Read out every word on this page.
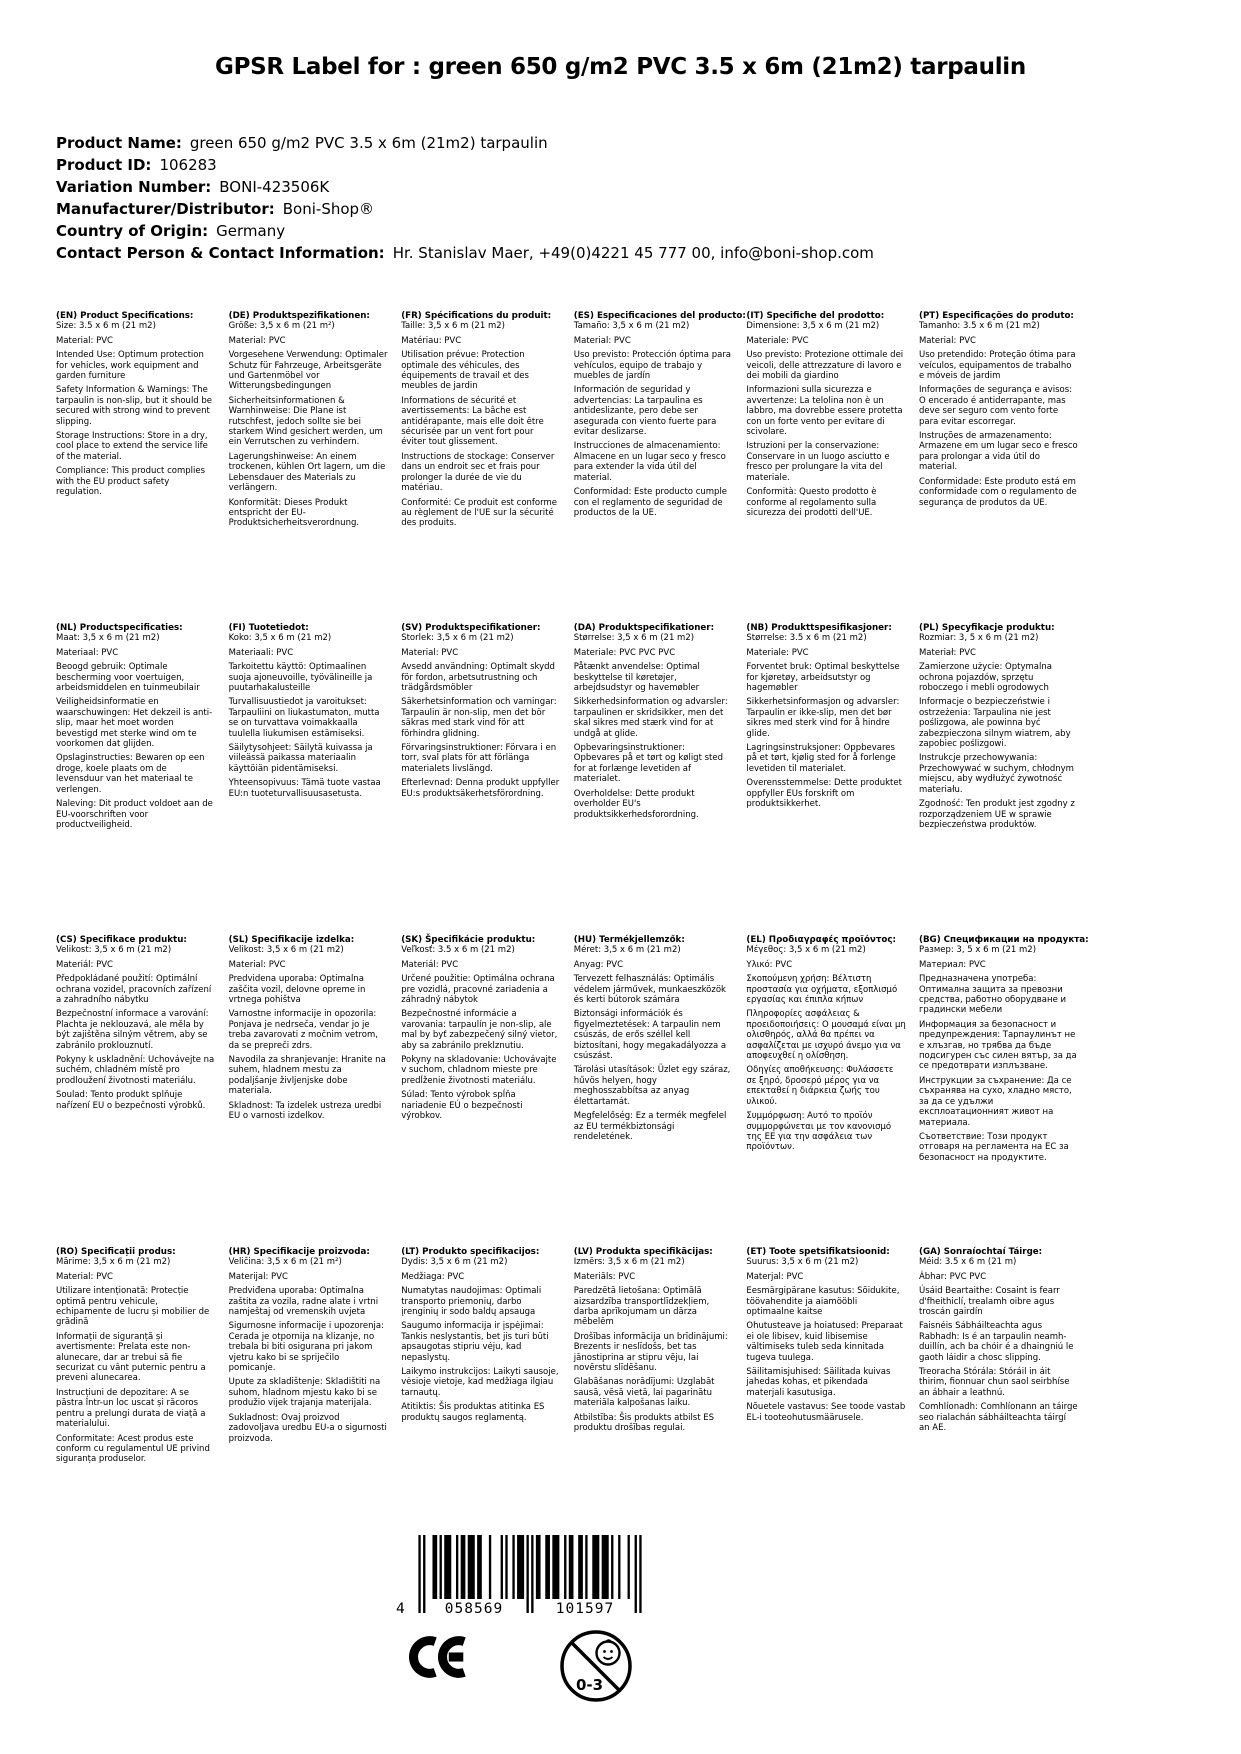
GPSR Label for : green 650 g/m2 PVC 3.5 x 6m (21m2) tarpaulin
Product Name: green 650 g/m2 PVC 3.5 x 6m (21m2) tarpaulin
Product ID: 106283
Variation Number: BONI-423506K
Manufacturer/Distributor: Boni-Shop®
Country of Origin: Germany
Contact Person & Contact Information: Hr. Stanislav Maer, +49(0)4221 45 777 00, info@boni-shop.com
(EN) Product Specifications:

Size: 3.5 x 6 m (21 m2)

Material: PVC

Intended Use: Optimum protection for vehicles, work equipment and garden furniture

Safety Information & Warnings: The tarpaulin is non-slip, but it should be secured with strong wind to prevent slipping.

Storage Instructions: Store in a dry, cool place to extend the service life of the material.

Compliance: This product complies with the EU product safety regulation.

(DE) Produktspezifikationen:

Größe: 3,5 x 6 m (21 m²)

Material: PVC

Vorgesehene Verwendung: Optimaler Schutz für Fahrzeuge, Arbeitsgeräte und Gartenmöbel vor Witterungsbedingungen

Sicherheitsinformationen & Warnhinweise: Die Plane ist rutschfest, jedoch sollte sie bei starkem Wind gesichert werden, um ein Verrutschen zu verhindern.

Lagerungshinweise: An einem trockenen, kühlen Ort lagern, um die Lebensdauer des Materials zu verlängern.

Konformität: Dieses Produkt entspricht der EU-Produktsicherheitsverordnung.

(FR) Spécifications du produit:

Taille: 3,5 x 6 m (21 m2)

Matériau: PVC

Utilisation prévue: Protection optimale des véhicules, des équipements de travail et des meubles de jardin

Informations de sécurité et avertissements: La bâche est antidérapante, mais elle doit être sécurisée par un vent fort pour éviter tout glissement.

Instructions de stockage: Conserver dans un endroit sec et frais pour prolonger la durée de vie du matériau.

Conformité: Ce produit est conforme au règlement de l'UE sur la sécurité des produits.

(ES) Especificaciones del producto:

Tamaño: 3,5 x 6 m (21 m2)

Material: PVC

Uso previsto: Protección óptima para vehículos, equipo de trabajo y muebles de jardín

Información de seguridad y advertencias: La tarpaulina es antideslizante, pero debe ser asegurada con viento fuerte para evitar deslizarse.

Instrucciones de almacenamiento: Almacene en un lugar seco y fresco para extender la vida útil del material.

Conformidad: Este producto cumple con el reglamento de seguridad de productos de la UE.

(IT) Specifiche del prodotto:

Dimensione: 3,5 x 6 m (21 m2)

Materiale: PVC

Uso previsto: Protezione ottimale dei veicoli, delle attrezzature di lavoro e dei mobili da giardino

Informazioni sulla sicurezza e avvertenze: La telolina non è un labbro, ma dovrebbe essere protetta con un forte vento per evitare di scivolare.

Istruzioni per la conservazione: Conservare in un luogo asciutto e fresco per prolungare la vita del materiale.

Conformità: Questo prodotto è conforme al regolamento sulla sicurezza dei prodotti dell'UE.

(PT) Especificações do produto:

Tamanho: 3.5 x 6 m (21 m2)

Material: PVC

Uso pretendido: Proteção ótima para veículos, equipamentos de trabalho e móveis de jardim

Informações de segurança e avisos: O encerado é antiderrapante, mas deve ser seguro com vento forte para evitar escorregar.

Instruções de armazenamento: Armazene em um lugar seco e fresco para prolongar a vida útil do material.

Conformidade: Este produto está em conformidade com o regulamento de segurança de produtos da UE.

(NL) Productspecificaties:

Maat: 3,5 x 6 m (21 m2)

Materiaal: PVC

Beoogd gebruik: Optimale bescherming voor voertuigen, arbeidsmiddelen en tuinmeubilair

Veiligheidsinformatie en waarschuwingen: Het dekzeil is anti-slip, maar het moet worden bevestigd met sterke wind om te voorkomen dat glijden.

Opslaginstructies: Bewaren op een droge, koele plaats om de levensduur van het materiaal te verlengen.

Naleving: Dit product voldoet aan de EU-voorschriften voor productveiligheid.

(FI) Tuotetiedot:

Koko: 3,5 x 6 m (21 m2)

Materiaali: PVC

Tarkoitettu käyttö: Optimaalinen suoja ajoneuvoille, työvälineille ja puutarhakalusteille

Turvallisuustiedot ja varoitukset: Tarpauliini on liukastumaton, mutta se on turvattava voimakkaalla tuulella liukumisen estämiseksi.

Säilytysohjeet: Säilytä kuivassa ja viileässä paikassa materiaalin käyttöiän pidentämiseksi.

Yhteensopivuus: Tämä tuote vastaa EU:n tuoteturvallisuusasetusta.

(SV) Produktspecifikationer:

Storlek: 3,5 x 6 m (21 m2)

Material: PVC

Avsedd användning: Optimalt skydd för fordon, arbetsutrustning och trädgårdsmöbler

Säkerhetsinformation och varningar: Tarpaulin är non-slip, men det bör säkras med stark vind för att förhindra glidning.

Förvaringsinstruktioner: Förvara i en torr, sval plats för att förlänga materialets livslängd.

Efterlevnad: Denna produkt uppfyller EU:s produktsäkerhetsförordning.

(DA) Produktspecifikationer:

Størrelse: 3,5 x 6 m (21 m2)

Materiale: PVC PVC PVC

Påtænkt anvendelse: Optimal beskyttelse til køretøjer, arbejdsudstyr og havemøbler

Sikkerhedsinformation og advarsler: tarpaulinen er skridsikker, men det skal sikres med stærk vind for at undgå at glide.

Opbevaringsinstruktioner: Opbevares på et tørt og køligt sted for at forlænge levetiden af materialet.

Overholdelse: Dette produkt overholder EU's produktsikkerhedsforordning.

(NB) Produkttspesifikasjoner:

Størrelse: 3.5 x 6 m (21 m2)

Materiale: PVC

Forventet bruk: Optimal beskyttelse for kjøretøy, arbeidsutstyr og hagemøbler

Sikkerhetsinformasjon og advarsler: Tarpaulin er ikke-slip, men det bør sikres med sterk vind for å hindre glide.

Lagringsinstruksjoner: Oppbevares på et tørt, kjølig sted for å forlenge levetiden til materialet.

Overensstemmelse: Dette produktet oppfyller EUs forskrift om produktsikkerhet.

(PL) Specyfikacje produktu:

Rozmiar: 3, 5 x 6 m (21 m2)

Materiał: PVC

Zamierzone użycie: Optymalna ochrona pojazdów, sprzętu roboczego i mebli ogrodowych

Informacje o bezpieczeństwie i ostrzeżenia: Tarpaulina nie jest poślizgowa, ale powinna być zabezpieczona silnym wiatrem, aby zapobiec poślizgowi.

Instrukcje przechowywania: Przechowywać w suchym, chłodnym miejscu, aby wydłużyć żywotność materiału.

Zgodność: Ten produkt jest zgodny z rozporządzeniem UE w sprawie bezpieczeństwa produktów.

(CS) Specifikace produktu:

Velikost: 3,5 x 6 m (21 m2)

Materiál: PVC

Předpokládané použití: Optimální ochrana vozidel, pracovních zařízení a zahradního nábytku

Bezpečnostní informace a varování: Plachta je neklouzavá, ale měla by být zajištěna silným větrem, aby se zabránilo proklouznutí.

Pokyny k uskladnění: Uchovávejte na suchém, chladném místě pro prodloužení životnosti materiálu.

Soulad: Tento produkt splňuje nařízení EU o bezpečnosti výrobků.

(SL) Specifikacije izdelka:

Velikost: 3,5 x 6 m (21 m2)

Material: PVC

Predvidena uporaba: Optimalna zaščita vozil, delovne opreme in vrtnega pohištva

Varnostne informacije in opozorila: Ponjava je nedrseča, vendar jo je treba zavarovati z močnim vetrom, da se prepreči zdrs.

Navodila za shranjevanje: Hranite na suhem, hladnem mestu za podaljšanje življenjske dobe materiala.

Skladnost: Ta izdelek ustreza uredbi EU o varnosti izdelkov.

(SK) Špecifikácie produktu:

Veľkosť: 3.5 x 6 m (21 m2)

Materiál: PVC

Určené použitie: Optimálna ochrana pre vozidlá, pracovné zariadenia a záhradný nábytok

Bezpečnostné informácie a varovania: tarpaulín je non-slip, ale mal by byť zabezpečený silný vietor, aby sa zabránilo preklznutiu.

Pokyny na skladovanie: Uchovávajte v suchom, chladnom mieste pre predĺženie životnosti materiálu.

Súlad: Tento výrobok spĺňa nariadenie EÚ o bezpečnosti výrobkov.

(HU) Termékjellemzők:

Méret: 3,5 x 6 m (21 m2)

Anyag: PVC

Tervezett felhasználás: Optimális védelem járművek, munkaeszközök és kerti bútorok számára

Biztonsági információk és figyelmeztetések: A tarpaulin nem csúszás, de erős széllel kell biztosítani, hogy megakadályozza a csúszást.

Tárolási utasítások: Üzlet egy száraz, hűvös helyen, hogy meghosszabbítsa az anyag élettartamát.

Megfelelőség: Ez a termék megfelel az EU termékbiztonsági rendeletének.

(EL) Προδιαγραφές προϊόντος:

Μέγεθος: 3,5 x 6 m (21 m2)

Υλικό: PVC

Σκοπούμενη χρήση: Βέλτιστη προστασία για οχήματα, εξοπλισμό εργασίας και έπιπλα κήπων

Πληροφορίες ασφάλειας & προειδοποιήσεις: Ο μουσαμά είναι μη ολισθηρός, αλλά θα πρέπει να ασφαλίζεται με ισχυρό άνεμο για να αποφευχθεί η ολίσθηση.

Οδηγίες αποθήκευσης: Φυλάσσετε σε ξηρό, δροσερό μέρος για να επεκταθεί η διάρκεια ζωής του υλικού.

Συμμόρφωση: Αυτό το προϊόν συμμορφώνεται με τον κανονισμό της ΕΕ για την ασφάλεια των προϊόντων.

(BG) Спецификации на продукта:

Размер: 3, 5 x 6 m (21 m2)

Материал: PVC

Предназначена употреба: Оптимална защита за превозни средства, работно оборудване и градински мебели

Информация за безопасност и предупреждения: Тарпаулинът не е хлъзгав, но трябва да бъде подсигурен със силен вятър, за да се предотврати изплъзване.

Инструкции за съхранение: Да се съхранява на сухо, хладно място, за да се удължи експлоатационният живот на материала.

Съответствие: Този продукт отговаря на регламента на ЕС за безопасност на продуктите.

(RO) Specificații produs:

Mărime: 3,5 x 6 m (21 m2)

Material: PVC

Utilizare intenționată: Protecție optimă pentru vehicule, echipamente de lucru și mobilier de grădină

Informații de siguranță și avertismente: Prelata este non-alunecare, dar ar trebui să fie securizat cu vânt puternic pentru a preveni alunecarea.

Instrucțiuni de depozitare: A se păstra într-un loc uscat și răcoros pentru a prelungi durata de viață a materialului.

Conformitate: Acest produs este conform cu regulamentul UE privind siguranța produselor.

(HR) Specifikacije proizvoda:

Veličina: 3,5 x 6 m (21 m²)

Materijal: PVC

Predviđena uporaba: Optimalna zaštita za vozila, radne alate i vrtni namještaj od vremenskih uvjeta

Sigurnosne informacije i upozorenja: Cerada je otpornija na klizanje, no trebala bi biti osigurana pri jakom vjetru kako bi se spriječilo pomicanje.

Upute za skladištenje: Skladištiti na suhom, hladnom mjestu kako bi se produžio vijek trajanja materijala.

Sukladnost: Ovaj proizvod zadovoljava uredbu EU-a o sigurnosti proizvoda.

(LT) Produkto specifikacijos:

Dydis: 3,5 x 6 m (21 m2)

Medžiaga: PVC

Numatytas naudojimas: Optimali transporto priemonių, darbo įrenginių ir sodo baldų apsauga

Saugumo informacija ir įspėjimai: Tankis neslystantis, bet jis turi būti apsaugotas stipriu vėju, kad nepaslystų.

Laikymo instrukcijos: Laikyti sausoje, vėsioje vietoje, kad medžiaga ilgiau tarnautų.

Atitiktis: Šis produktas atitinka ES produktų saugos reglamentą.

(LV) Produkta specifikācijas:

Izmērs: 3,5 x 6 m (21 m2)

Materiāls: PVC

Paredzētā lietošana: Optimālā aizsardzība transportlīdzekļiem, darba aprīkojumam un dārza mēbelēm

Drošības informācija un brīdinājumi: Brezents ir neslīdošs, bet tas jānostiprina ar stipru vēju, lai novērstu slīdēšanu.

Glabāšanas norādījumi: Uzglabāt sausā, vēsā vietā, lai pagarinātu materiāla kalpošanas laiku.

Atbilstība: Šis produkts atbilst ES produktu drošības regulai.

(ET) Toote spetsifikatsioonid:

Suurus: 3,5 x 6 m (21 m2)

Materjal: PVC

Eesmärgipärane kasutus: Sõidukite, töövahendite ja aiamööbli optimaalne kaitse

Ohutusteave ja hoiatused: Preparaat ei ole libisev, kuid libisemise vältimiseks tuleb seda kinnitada tugeva tuulega.

Säilitamisjuhised: Säilitada kuivas jahedas kohas, et pikendada materjali kasutusiga.

Nõuetele vastavus: See toode vastab EL-i tooteohutusmäärusele.

(GA) Sonraíochtaí Táirge:

Méid: 3.5 x 6 m (21 m)

Ábhar: PVC PVC

Úsáid Beartaithe: Cosaint is fearr d'fheithiclí, trealamh oibre agus troscán gairdín

Faisnéis Sábháilteachta agus Rabhadh: Is é an tarpaulin neamh-duillín, ach ba chóir é a dhaingniú le gaoth láidir a chosc slipping.

Treoracha Stórála: Stóráil in áit thirim, fionnuar chun saol seirbhíse an ábhair a leathnú.

Comhlíonadh: Comhlíonann an táirge seo rialachán sábháilteachta táirgí an AE.

4	058569	101597
0-3
